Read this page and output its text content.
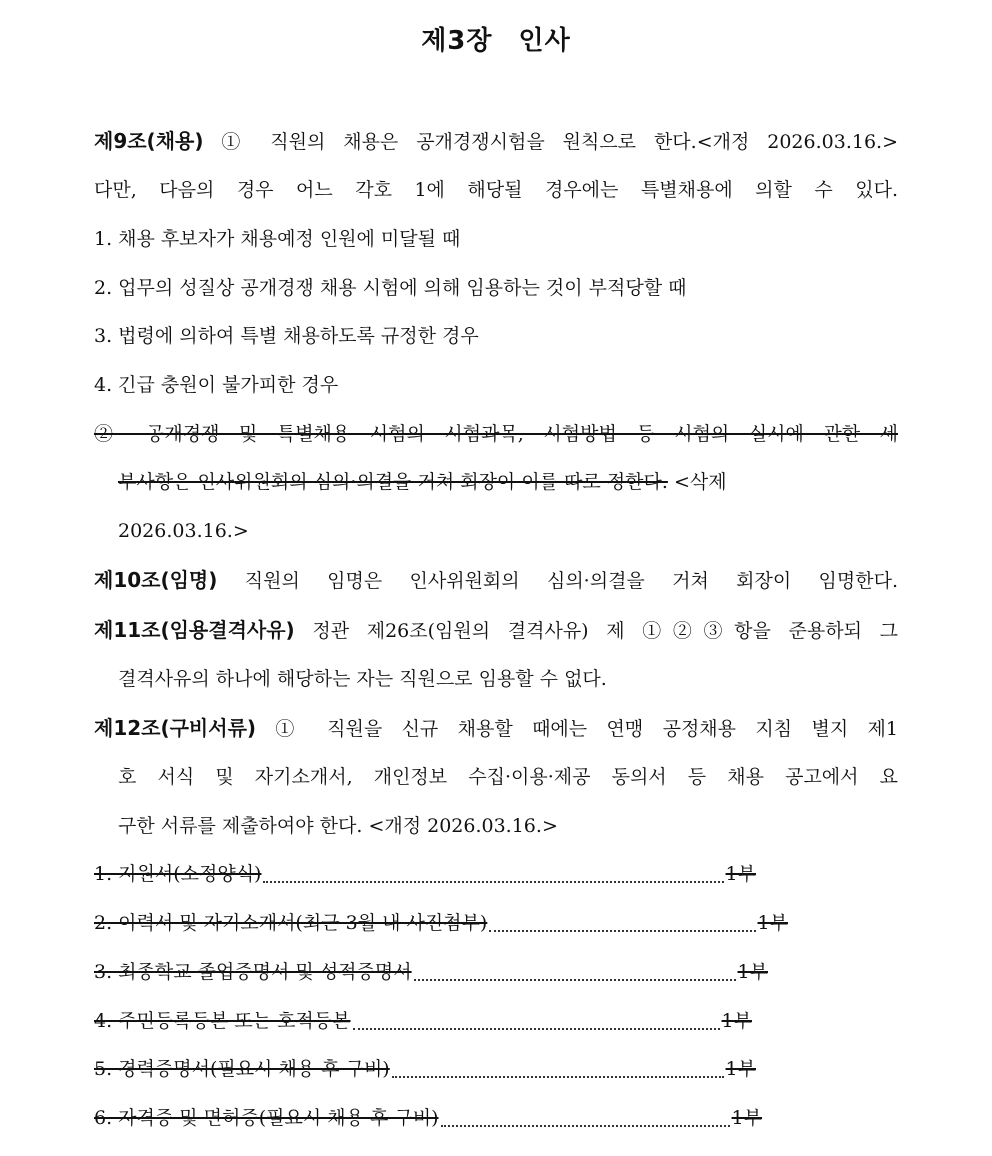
제3장 인사
제9조(채용) ① 직원의 채용은 공개경쟁시험을 원칙으로 한다.<개정 2026.03.16.>
다만, 다음의 경우 어느 각호 1에 해당될 경우에는 특별채용에 의할 수 있다.
1. 채용 후보자가 채용예정 인원에 미달될 때
2. 업무의 성질상 공개경쟁 채용 시험에 의해 임용하는 것이 부적당할 때
3. 법령에 의하여 특별 채용하도록 규정한 경우
4. 긴급 충원이 불가피한 경우
② 공개경쟁 및 특별채용 시험의 시험과목, 시험방법 등 시험의 실시에 관한 세
부사항은 인사위원회의 심의·의결을 거쳐 회장이 이를 따로 정한다. <삭제
2026.03.16.>
제10조(임명) 직원의 임명은 인사위원회의 심의·의결을 거쳐 회장이 임명한다.
제11조(임용결격사유) 정관 제26조(임원의 결격사유) 제 ①②③항을 준용하되 그
결격사유의 하나에 해당하는 자는 직원으로 임용할 수 없다.
제12조(구비서류) ① 직원을 신규 채용할 때에는 연맹 공정채용 지침 별지 제1
호 서식 및 자기소개서, 개인정보 수집·이용·제공 동의서 등 채용 공고에서 요
구한 서류를 제출하여야 한다. <개정 2026.03.16.>
1. 지원서(소정양식)	1부
2. 이력서 및 자기소개서(최근 3월 내 사진첨부)	1부
3. 최종학교 졸업증명서 및 성적증명서	1부
4. 주민등록등본 또는 호적등본	1부
5. 경력증명서(필요시 채용 후 구비)	1부
6. 자격증 및 면허증(필요시 채용 후 구비)	1부
